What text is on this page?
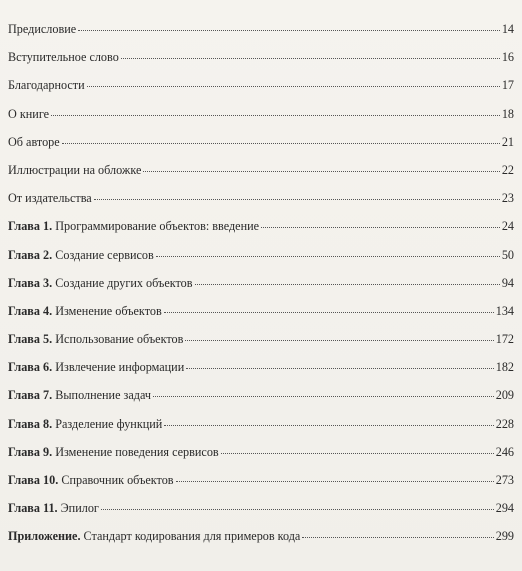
Предисловие	14
Вступительное слово	16
Благодарности	17
О книге	18
Об авторе	21
Иллюстрации на обложке	22
От издательства	23
Глава 1. Программирование объектов: введение	24
Глава 2. Создание сервисов	50
Глава 3. Создание других объектов	94
Глава 4. Изменение объектов	134
Глава 5. Использование объектов	172
Глава 6. Извлечение информации	182
Глава 7. Выполнение задач	209
Глава 8. Разделение функций	228
Глава 9. Изменение поведения сервисов	246
Глава 10. Справочник объектов	273
Глава 11. Эпилог	294
Приложение. Стандарт кодирования для примеров кода	299
